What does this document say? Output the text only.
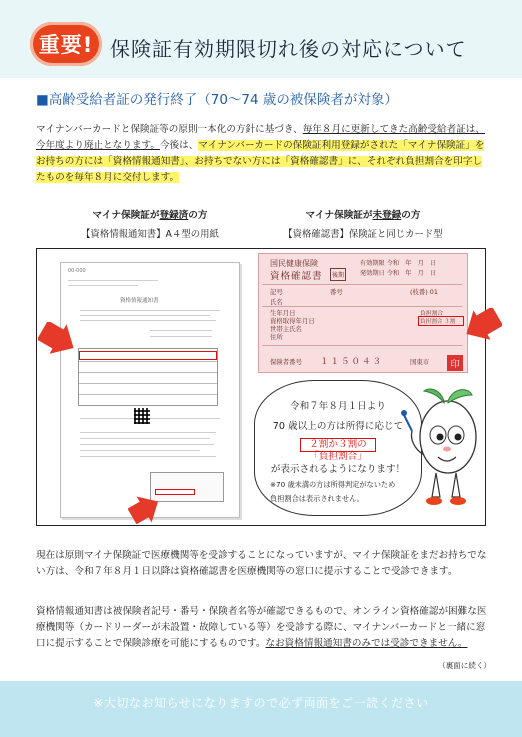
重要! 保険証有効期限切れ後の対応について
■高齢受給者証の発行終了（70～74 歳の被保険者が対象）
マイナンバーカードと保険証等の原則一本化の方針に基づき、毎年８月に更新してきた高齢受給者証は、今年度より廃止となります。今後は、マイナンバーカードの保険証利用登録がされた「マイナ保険証」をお持ちの方には「資格情報通知書」、お持ちでない方には「資格確認書」に、それぞれ負担割合を印字したものを毎年８月に交付します。
マイナ保険証が登録済の方
【資格情報通知書】A４型の用紙
マイナ保険証が未登録の方
【資格確認書】保険証と同じカード型
00-000
資格情報通知書
国民健康保険
資格確認書	後期
有効期限 令和　年　月　日
発効期日 令和　年　月　日
記号	番号	(枝番) 01
氏名
生年月日
資格取得年月日
世帯主氏名
住所
負担割合
負担割合 ３割
保険者番号 １１５０４３	国東市	印
令和７年８月１日より
70 歳以上の方は所得に応じて
２割か３割の「負担割合」
が表示されるようになります！
※70 歳未満の方は所得判定がないため
負担割合は表示されません。
現在は原則マイナ保険証で医療機関等を受診することになっていますが、マイナ保険証をまだお持ちでない方は、令和７年８月１日以降は資格確認書を医療機関等の窓口に提示することで受診できます。
資格情報通知書は被保険者記号・番号・保険者名等が確認できるもので、オンライン資格確認が困難な医療機関等（カードリーダーが未設置・故障している等）を受診する際に、マイナンバーカードと一緒に窓口に提示することで保険診療を可能にするものです。なお資格情報通知書のみでは受診できません。
（裏面に続く）
※大切なお知らせになりますので必ず両面をご一読ください
